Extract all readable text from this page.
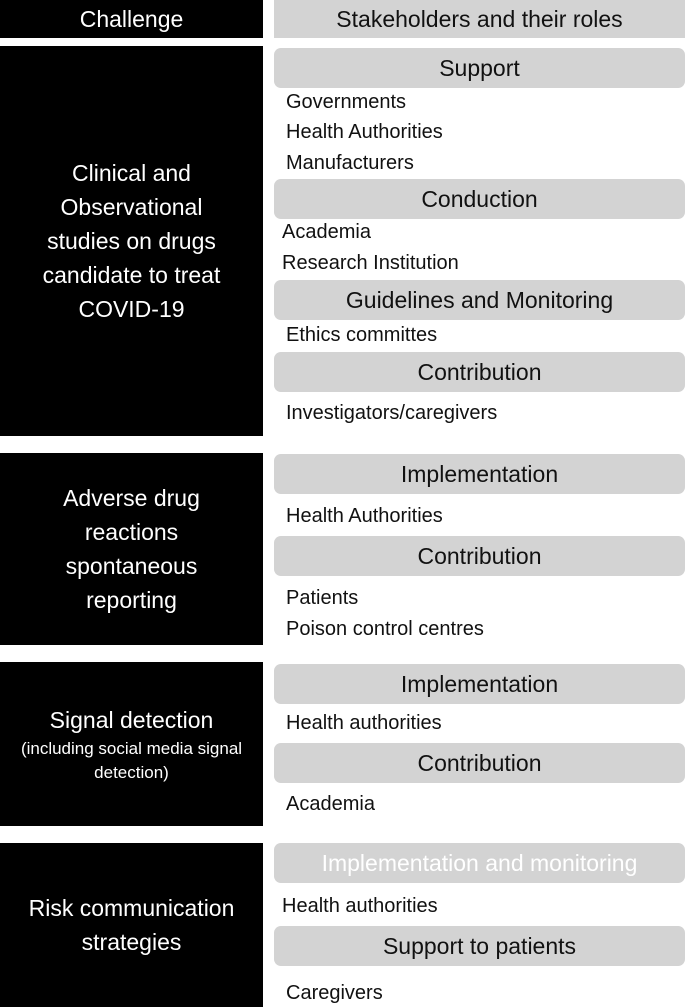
Challenge	Stakeholders and their roles
Clinical and Observational studies on drugs candidate to treat COVID-19
Support
Governments
Health Authorities
Manufacturers
Conduction
Academia
Research Institution
Guidelines and Monitoring
Ethics committes
Contribution
Investigators/caregivers
Adverse drug reactions spontaneous reporting
Implementation
Health Authorities
Contribution
Patients
Poison control centres
Signal detection
(including social media signal detection)
Implementation
Health authorities
Contribution
Academia
Risk communication strategies
Implementation and monitoring
Health authorities
Support to patients
Caregivers
